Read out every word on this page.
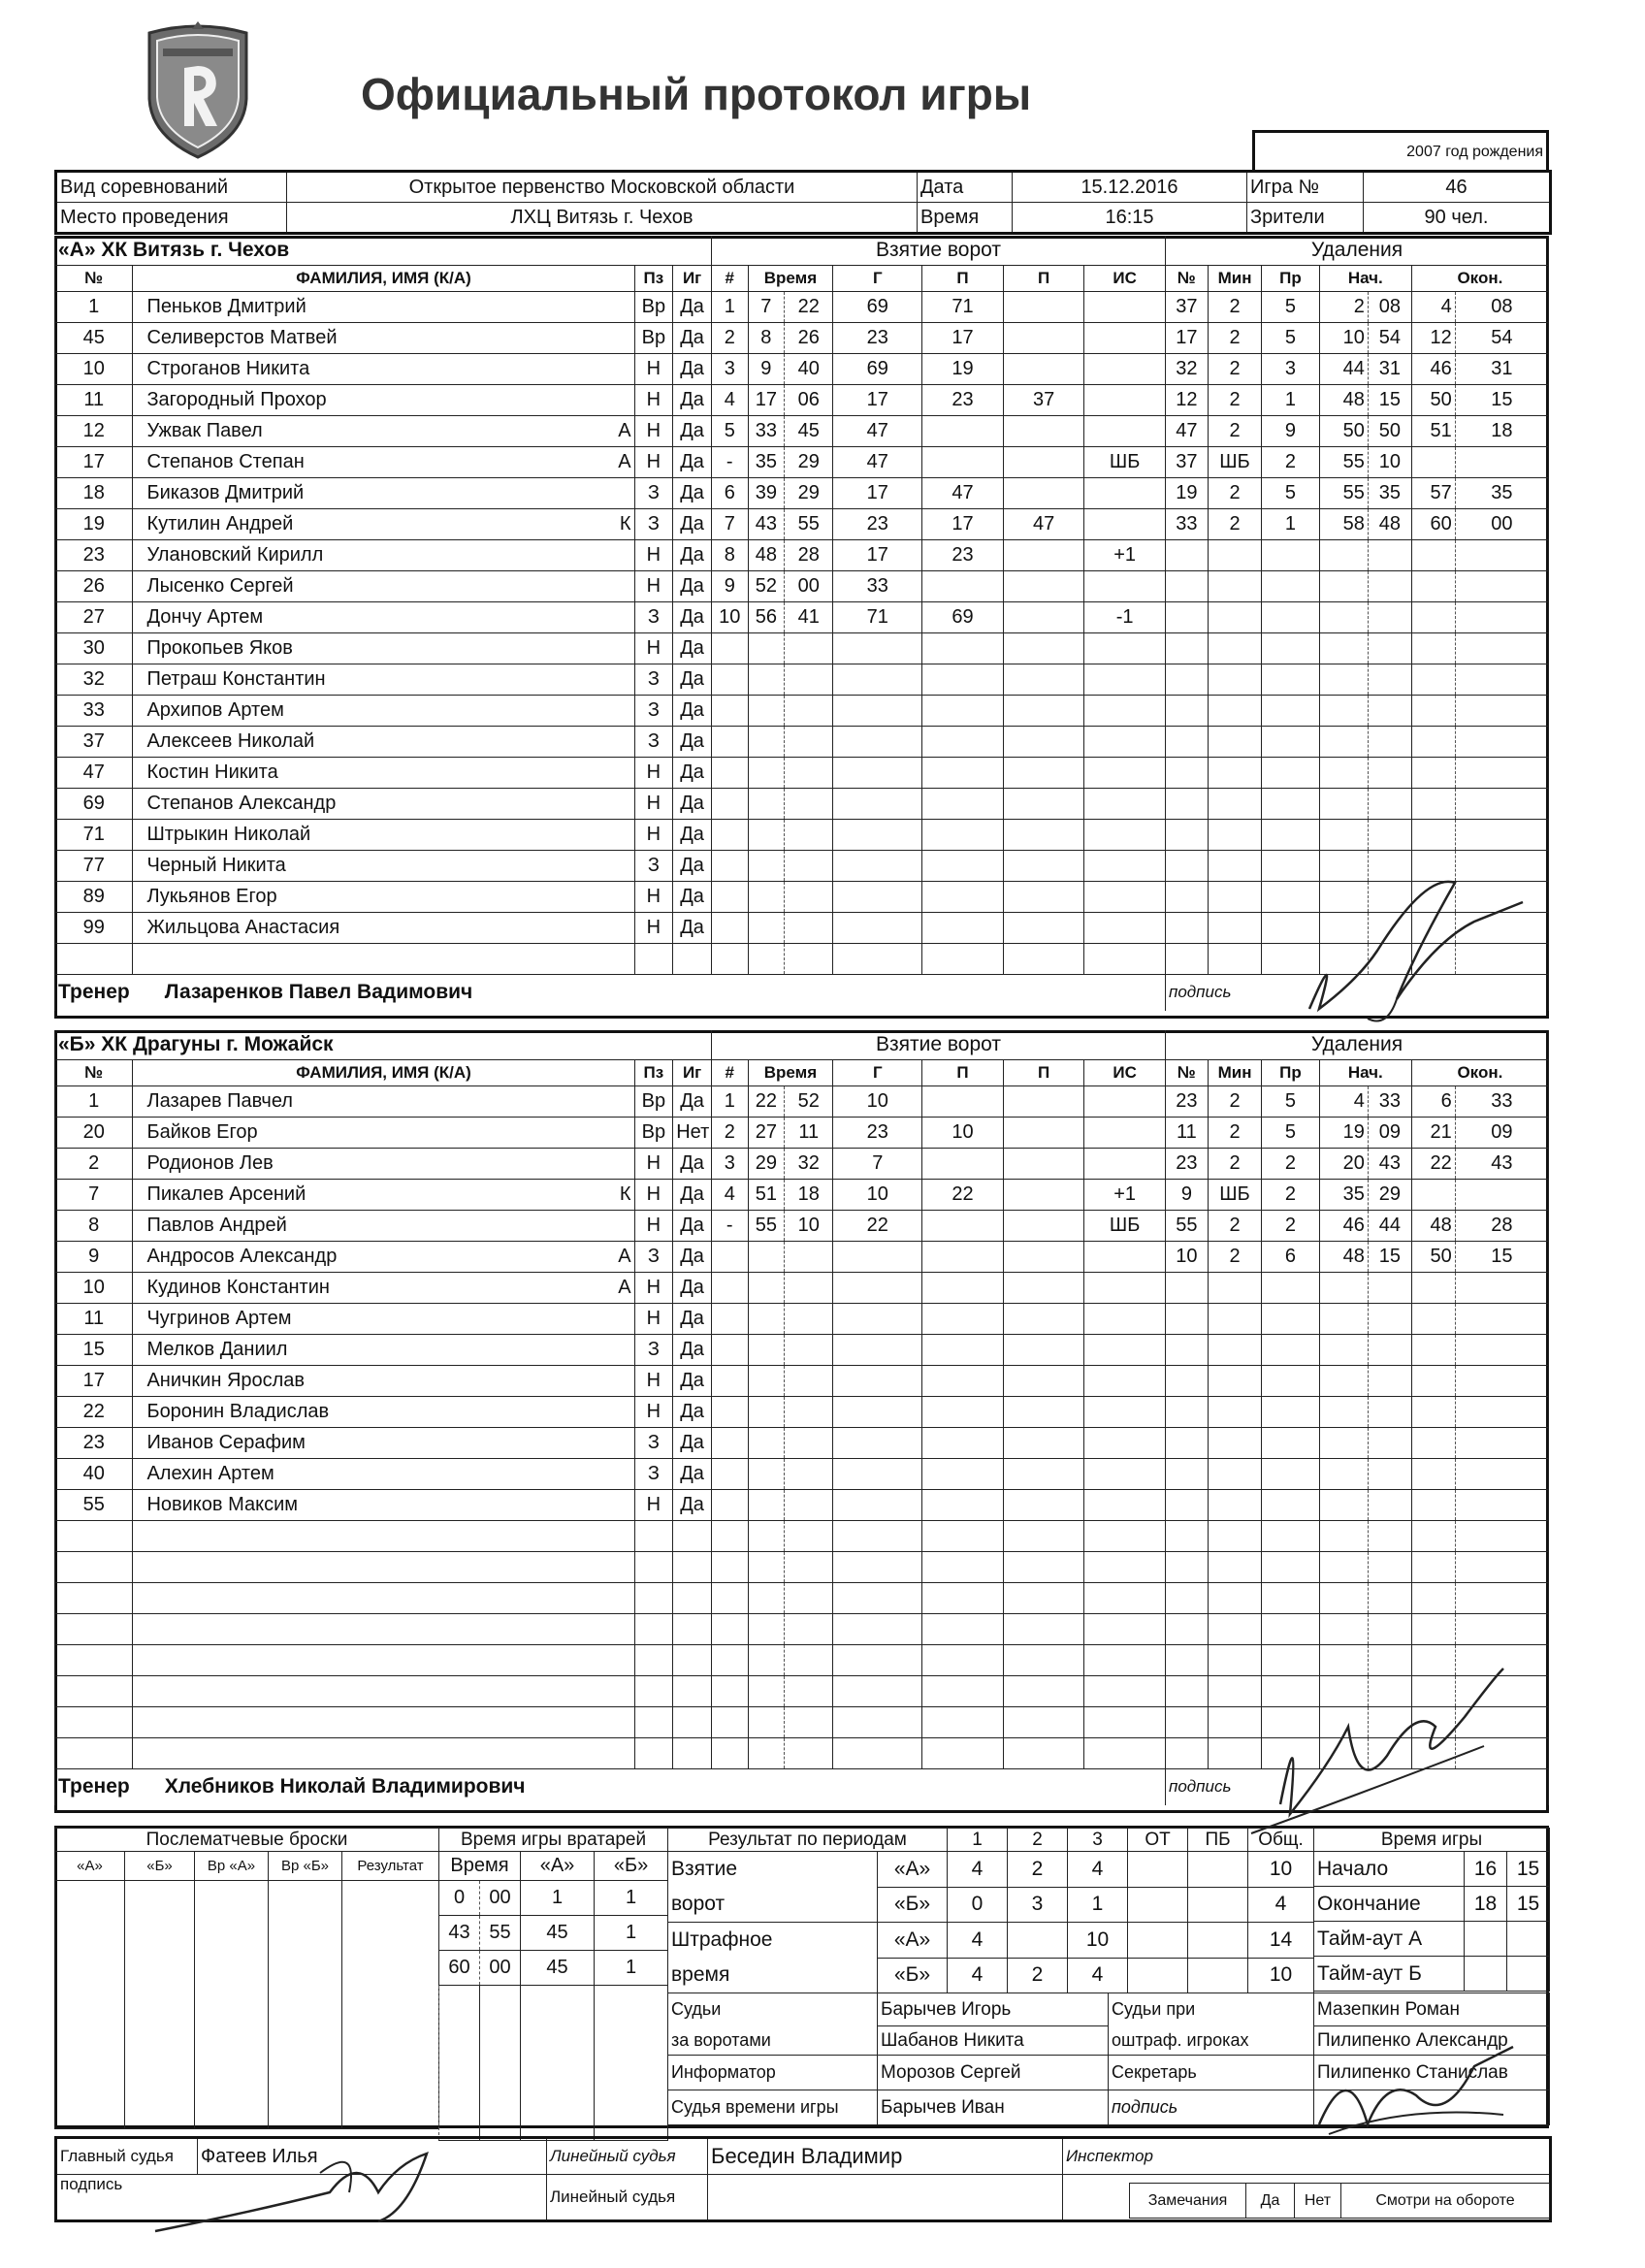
Официальный протокол игры
2007 год рождения
Вид соревнований	Открытое первенство Московской области	Дата	15.12.2016	Игра №	46
Место проведения	ЛХЦ Витязь г. Чехов	Время	16:15	Зрители	90 чел.
«А» ХК Витязь г. Чехов				Взятие ворот							Удаления						
№	ФАМИЛИЯ, ИМЯ (К/А)	Пз	Иг	#	Время		Г	П	П	ИС	№	Мин	Пр	Нач.		Окон.	
1	Пеньков Дмитрий	Вр	Да	1	7	22	69	71			37	2	5	2	08	4	08
45	Селиверстов Матвей	Вр	Да	2	8	26	23	17			17	2	5	10	54	12	54
10	Строганов Никита	Н	Да	3	9	40	69	19			32	2	3	44	31	46	31
11	Загородный Прохор	Н	Да	4	17	06	17	23	37		12	2	1	48	15	50	15
12	Ужвак Павел А	Н	Да	5	33	45	47				47	2	9	50	50	51	18
17	Степанов Степан А	Н	Да	-	35	29	47			ШБ	37	ШБ	2	55	10		
18	Биказов Дмитрий	З	Да	6	39	29	17	47			19	2	5	55	35	57	35
19	Кутилин Андрей К	З	Да	7	43	55	23	17	47		33	2	1	58	48	60	00
23	Улановский Кирилл	Н	Да	8	48	28	17	23		+1							
26	Лысенко Сергей	Н	Да	9	52	00	33										
27	Дончу Артем	З	Да	10	56	41	71	69		-1							
30	Прокопьев Яков	Н	Да														
32	Петраш Константин	З	Да														
33	Архипов Артем	З	Да														
37	Алексеев Николай	З	Да														
47	Костин Никита	Н	Да														
69	Степанов Александр	Н	Да														
71	Штрыкин Николай	Н	Да														
77	Черный Никита	З	Да														
89	Лукьянов Егор	Н	Да														
99	Жильцова Анастасия	Н	Да														

Тренер Лазаренков Павел Вадимович											подпись						
«Б» ХК Драгуны г. Можайск				Взятие ворот							Удаления						
№	ФАМИЛИЯ, ИМЯ (К/А)	Пз	Иг	#	Время		Г	П	П	ИС	№	Мин	Пр	Нач.		Окон.	
1	Лазарев Павчел	Вр	Да	1	22	52	10				23	2	5	4	33	6	33
20	Байков Егор	Вр	Нет	2	27	11	23	10			11	2	5	19	09	21	09
2	Родионов Лев	Н	Да	3	29	32	7				23	2	2	20	43	22	43
7	Пикалев Арсений К	Н	Да	4	51	18	10	22		+1	9	ШБ	2	35	29		
8	Павлов Андрей	Н	Да	-	55	10	22			ШБ	55	2	2	46	44	48	28
9	Андросов Александр А	З	Да								10	2	6	48	15	50	15
10	Кудинов Константин А	Н	Да														
11	Чугринов Артем	Н	Да														
15	Мелков Даниил	З	Да														
17	Аничкин Ярослав	Н	Да														
22	Боронин Владислав	Н	Да														
23	Иванов Серафим	З	Да														
40	Алехин Артем	З	Да														
55	Новиков Максим	Н	Да														

Тренер Хлебников Николай Владимирович											подпись						
Послематчевые броски				
«А»	«Б»	Вр «А»	Вр «Б»	Результат

Время игры вратарей			
Время		«А»	«Б»
0	00	1	1
43	55	45	1
60	00	45	1

Результат по периодам		1	2	3	ОТ	ПБ	Общ.
Взятие
ворот	«А»	4	2	4			10
	«Б»	0	3	1			4
Штрафное
время	«А»	4		10			14
	«Б»	4	2	4			10
Время игры		
Начало	16	15
Окончание	18	15
Тайм-аут А		
Тайм-аут Б		
Судьи	Барычев Игорь	Судьи при	Мазепкин Роман
за воротами	Шабанов Никита	оштраф. игроках	Пилипенко Александр
Информатор	Морозов Сергей	Секретарь	Пилипенко Станислав
Судья времени игры	Барычев Иван	подпись	
Главный судья	Фатеев Илья	Линейный судья	Беседин Владимир	Инспектор
подпись		Линейный судья			Замечания	Да	Нет	Смотри на обороте
